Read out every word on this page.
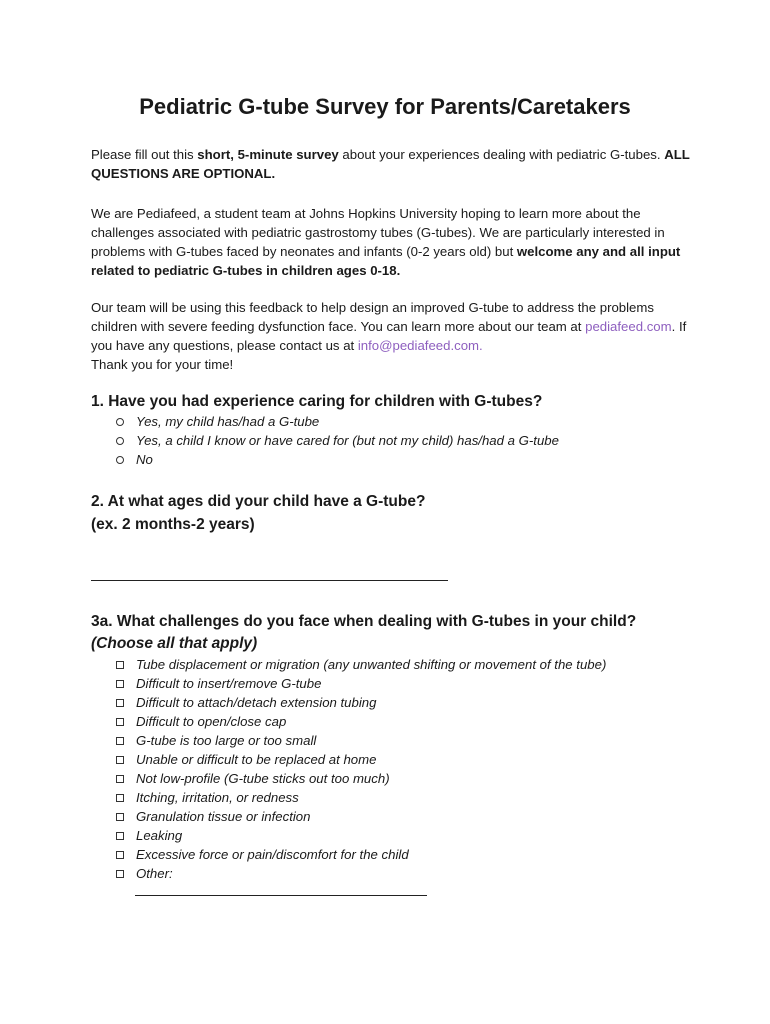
Pediatric G-tube Survey for Parents/Caretakers

Please fill out this short, 5-minute survey about your experiences dealing with pediatric G-tubes. ALL QUESTIONS ARE OPTIONAL.

We are Pediafeed, a student team at Johns Hopkins University hoping to learn more about the challenges associated with pediatric gastrostomy tubes (G-tubes). We are particularly interested in problems with G-tubes faced by neonates and infants (0-2 years old) but welcome any and all input related to pediatric G-tubes in children ages 0-18.

Our team will be using this feedback to help design an improved G-tube to address the problems children with severe feeding dysfunction face. You can learn more about our team at pediafeed.com. If you have any questions, please contact us at info@pediafeed.com.
Thank you for your time!

1. Have you had experience caring for children with G-tubes?

Yes, my child has/had a G-tube
Yes, a child I know or have cared for (but not my child) has/had a G-tube
No

2. At what ages did your child have a G-tube?

(ex. 2 months-2 years)

3a. What challenges do you face when dealing with G-tubes in your child?

(Choose all that apply)

Tube displacement or migration (any unwanted shifting or movement of the tube)
Difficult to insert/remove G-tube
Difficult to attach/detach extension tubing
Difficult to open/close cap
G-tube is too large or too small
Unable or difficult to be replaced at home
Not low-profile (G-tube sticks out too much)
Itching, irritation, or redness
Granulation tissue or infection
Leaking
Excessive force or pain/discomfort for the child
Other:
